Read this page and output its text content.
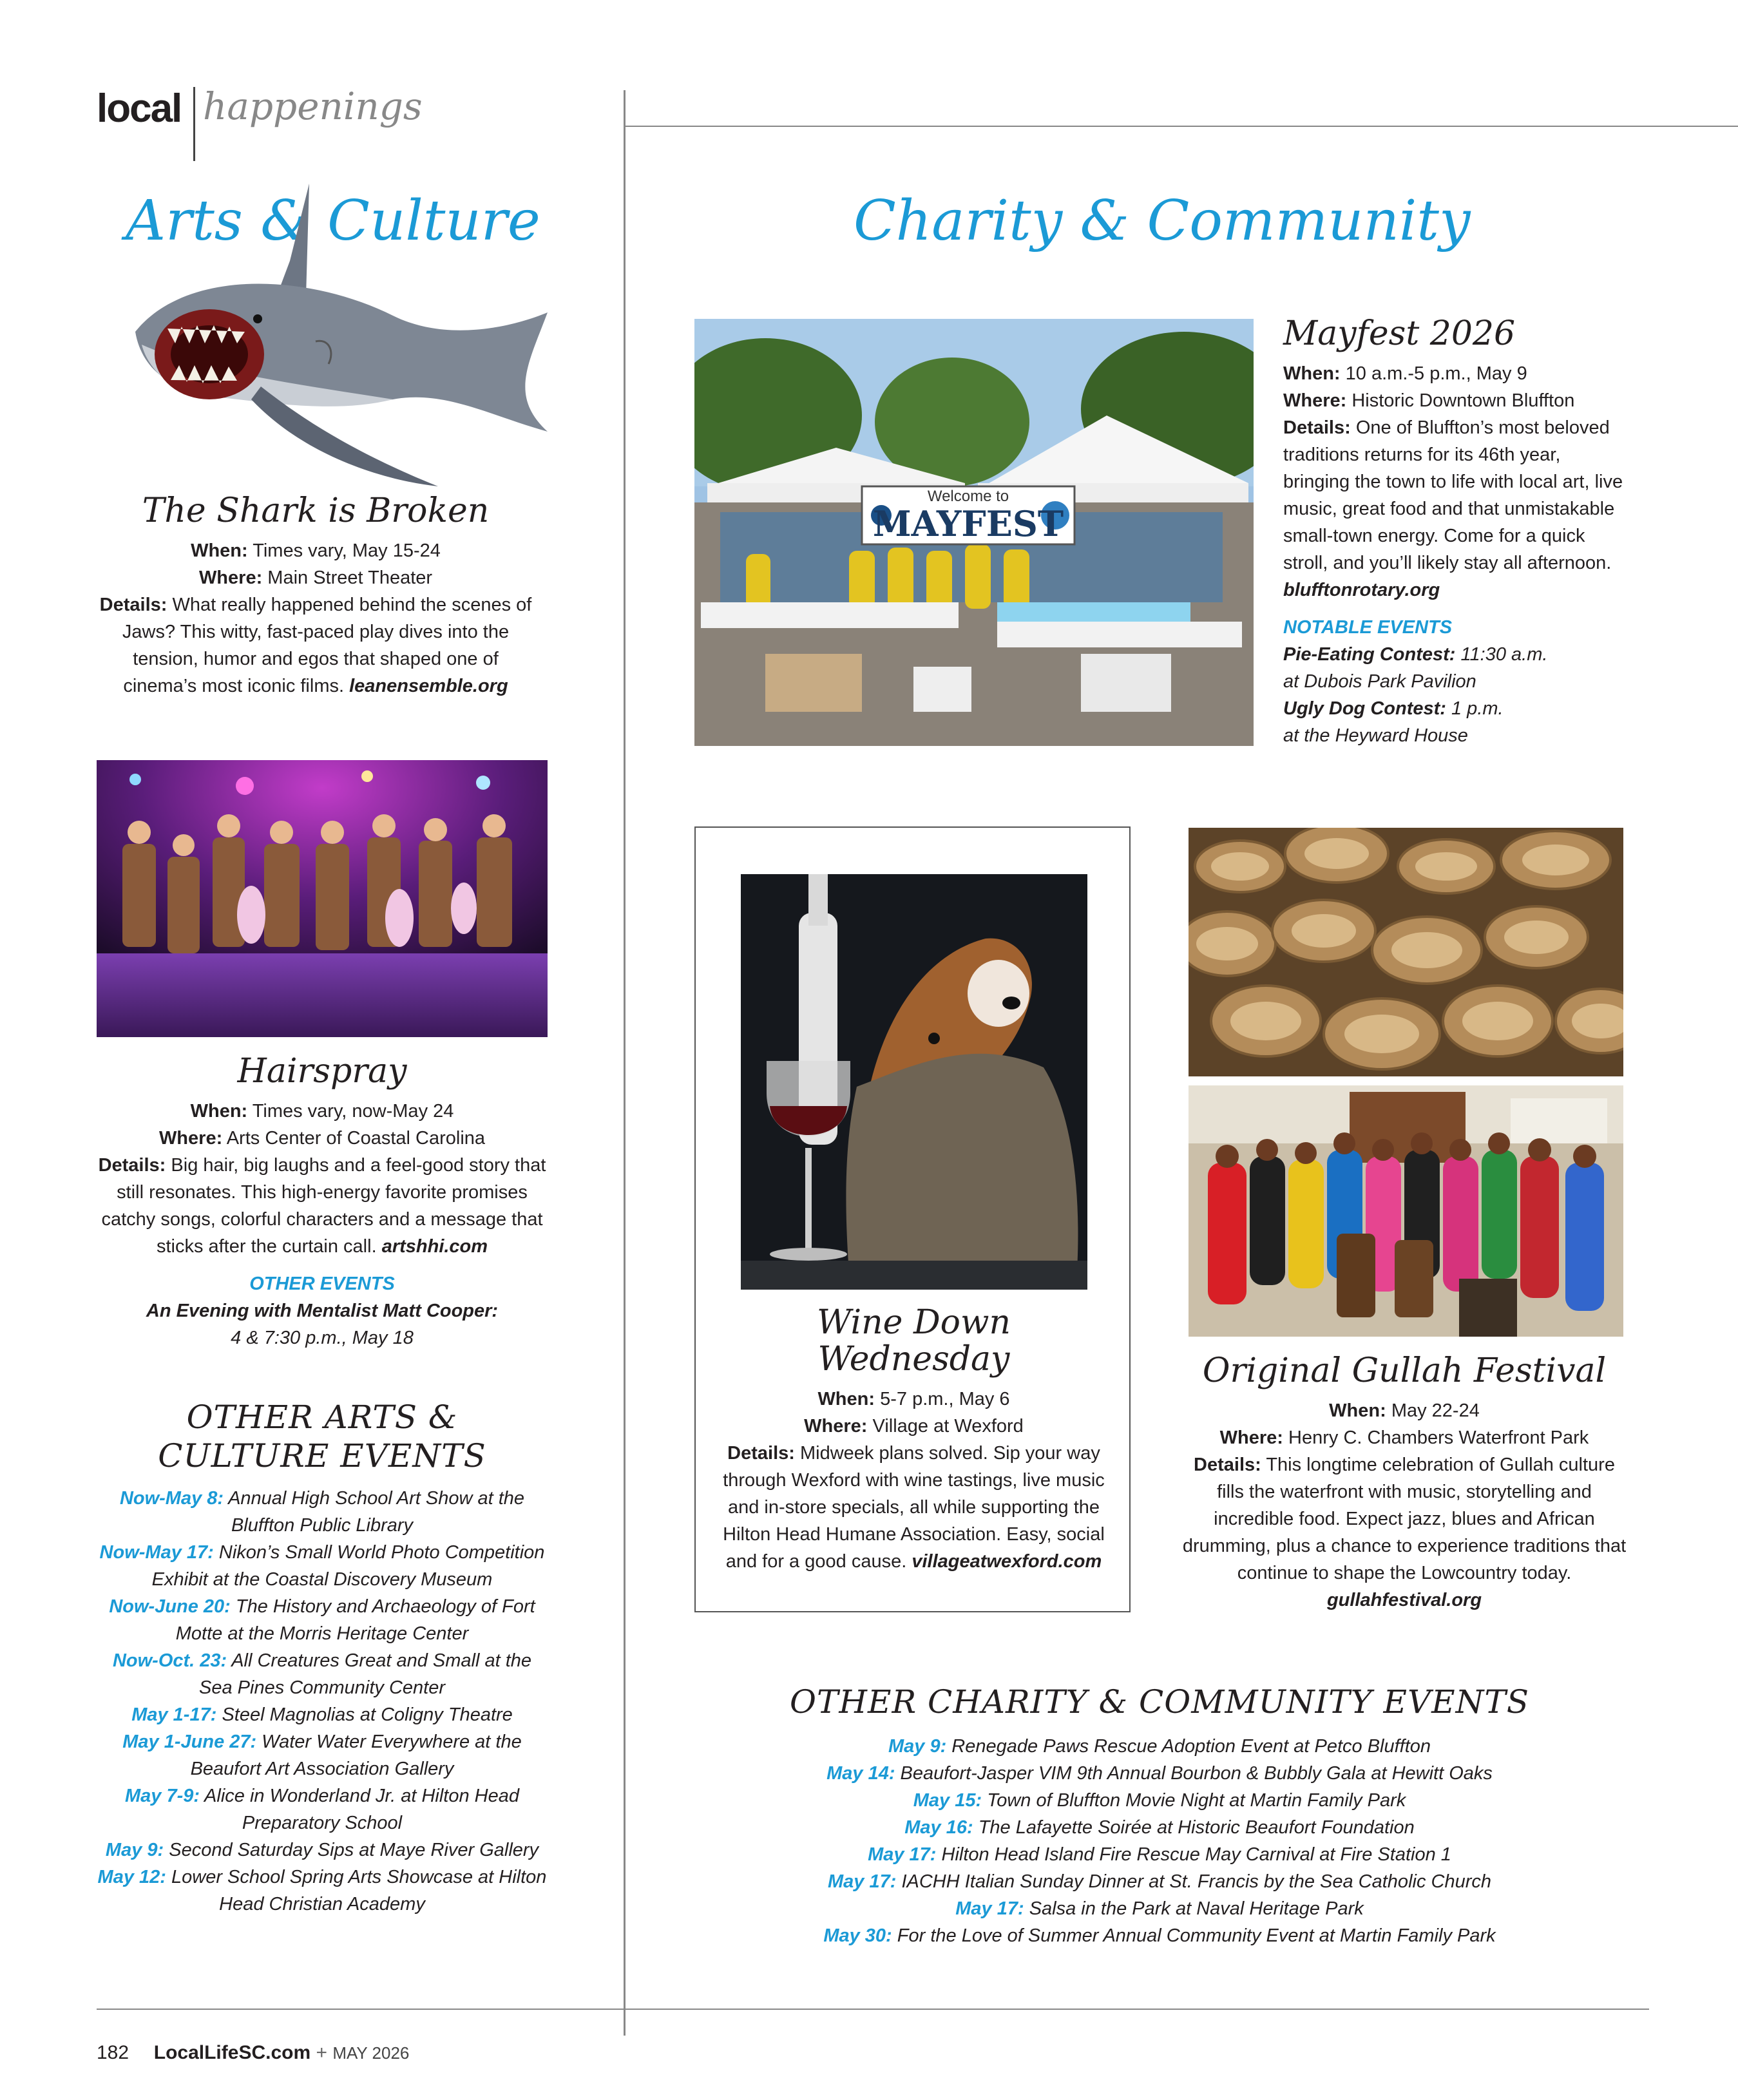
local happenings
Arts & Culture
The Shark is Broken
When: Times vary, May 15-24
Where: Main Street Theater
Details: What really happened behind the scenes of Jaws? This witty, fast-paced play dives into the tension, humor and egos that shaped one of cinema’s most iconic films. leanensemble.org
Hairspray
When: Times vary, now-May 24
Where: Arts Center of Coastal Carolina
Details: Big hair, big laughs and a feel-good story that still resonates. This high-energy favorite promises catchy songs, colorful characters and a message that sticks after the curtain call. artshhi.com
OTHER EVENTS
An Evening with Mentalist Matt Cooper:
4 & 7:30 p.m., May 18
OTHER ARTS &
CULTURE EVENTS
Now-May 8: Annual High School Art Show at the Bluffton Public Library
Now-May 17: Nikon’s Small World Photo Competition Exhibit at the Coastal Discovery Museum
Now-June 20: The History and Archaeology of Fort Motte at the Morris Heritage Center
Now-Oct. 23: All Creatures Great and Small at the Sea Pines Community Center
May 1-17: Steel Magnolias at Coligny Theatre
May 1-June 27: Water Water Everywhere at the Beaufort Art Association Gallery
May 7-9: Alice in Wonderland Jr. at Hilton Head Preparatory School
May 9: Second Saturday Sips at Maye River Gallery
May 12: Lower School Spring Arts Showcase at Hilton Head Christian Academy
Charity & Community
Welcome to
MAYFEST
Mayfest 2026
When: 10 a.m.-5 p.m., May 9
Where: Historic Downtown Bluffton
Details: One of Bluffton’s most beloved traditions returns for its 46th year, bringing the town to life with local art, live music, great food and that unmistakable small-town energy. Come for a quick stroll, and you’ll likely stay all afternoon. blufftonrotary.org
NOTABLE EVENTS
Pie-Eating Contest: 11:30 a.m.
at Dubois Park Pavilion
Ugly Dog Contest: 1 p.m.
at the Heyward House
Wine Down Wednesday
When: 5-7 p.m., May 6
Where: Village at Wexford
Details: Midweek plans solved. Sip your way through Wexford with wine tastings, live music and in-store specials, all while supporting the Hilton Head Humane Association. Easy, social and for a good cause. villageatwexford.com
Original Gullah Festival
When: May 22-24
Where: Henry C. Chambers Waterfront Park
Details: This longtime celebration of Gullah culture fills the waterfront with music, storytelling and incredible food. Expect jazz, blues and African drumming, plus a chance to experience traditions that continue to shape the Lowcountry today. gullahfestival.org
OTHER CHARITY & COMMUNITY EVENTS
May 9: Renegade Paws Rescue Adoption Event at Petco Bluffton
May 14: Beaufort-Jasper VIM 9th Annual Bourbon & Bubbly Gala at Hewitt Oaks
May 15: Town of Bluffton Movie Night at Martin Family Park
May 16: The Lafayette Soirée at Historic Beaufort Foundation
May 17: Hilton Head Island Fire Rescue May Carnival at Fire Station 1
May 17: IACHH Italian Sunday Dinner at St. Francis by the Sea Catholic Church
May 17: Salsa in the Park at Naval Heritage Park
May 30: For the Love of Summer Annual Community Event at Martin Family Park
182 LocalLifeSC.com + MAY 2026
